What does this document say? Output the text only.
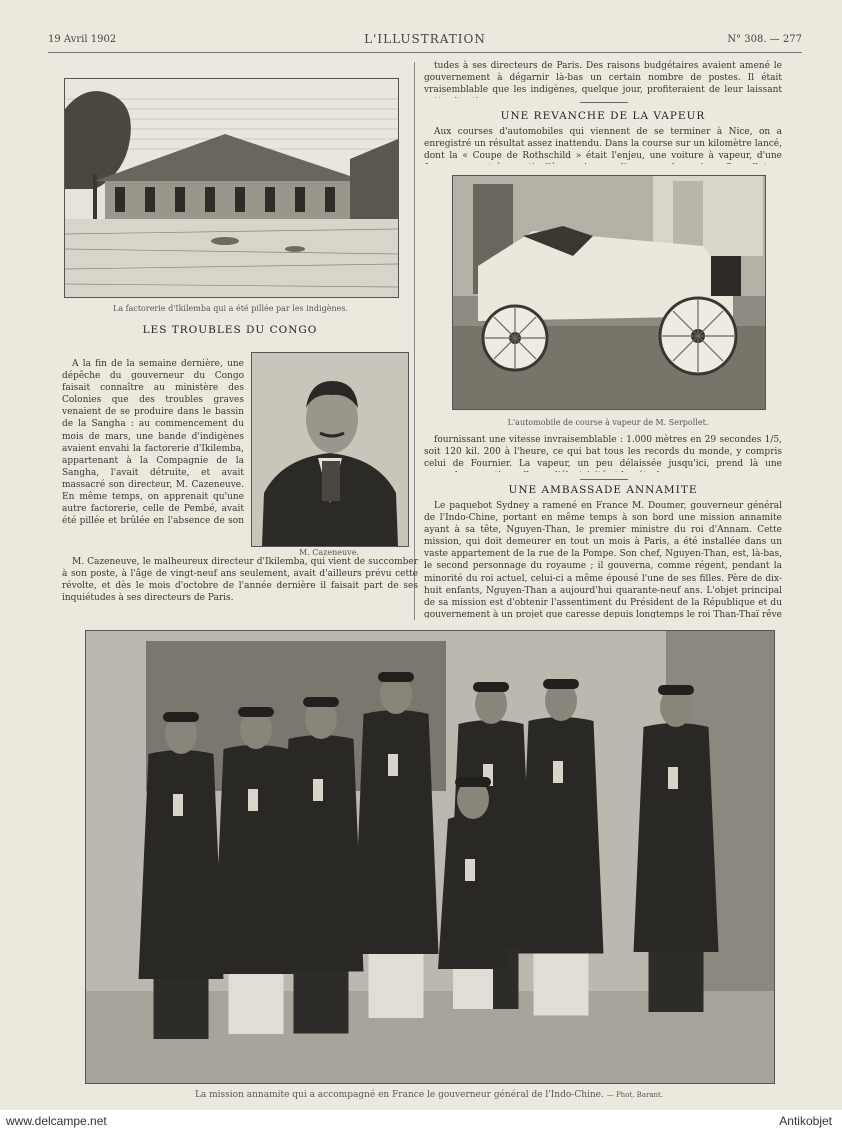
19 Avril 1902	L'ILLUSTRATION	N° 308. — 277
La factorerie d'Ikilemba qui a été pillée par les indigènes.
LES TROUBLES DU CONGO

A la fin de la semaine dernière, une dépêche du gouverneur du Congo faisait connaître au ministère des Colonies que des troubles graves venaient de se produire dans le bassin de la Sangha : au commencement du mois de mars, une bande d'indigènes avaient envahi la factorerie d'Ikilemba, appartenant à la Compagnie de la Sangha, l'avait détruite, et avait massacré son directeur, M. Cazeneuve. En même temps, on apprenait qu'une autre factorerie, celle de Pembé, avait été pillée et brûlée en l'absence de son

M. Cazeneuve, le malheureux directeur d'Ikilemba, qui vient de succomber à son poste, à l'âge de vingt-neuf ans seulement, avait d'ailleurs prévu cette révolte, et dès le mois d'octobre de l'année dernière il faisait part de ses inquiétudes à ses directeurs de Paris.

M. Cazeneuve.

tudes à ses directeurs de Paris. Des raisons budgétaires avaient amené le gouvernement à dégarnir là-bas un certain nombre de postes. Il était vraisemblable que les indigènes, quelque jour, profiteraient de leur laissant

UNE REVANCHE DE LA VAPEUR

Aux courses d'automobiles qui viennent de se terminer à Nice, on a enregistré un résultat assez inattendu. Dans la course sur un kilomètre lancé, dont la « Coupe de Rothschild » était l'enjeu, une voiture à vapeur, d'une

L'automobile de course à vapeur de M. Serpollet.

fournissant une vitesse invraisemblable : 1.000 mètres en 29 secondes 1/5, soit 120 kil. 200 à l'heure, ce qui bat tous les records du monde, y compris celui de Fournier. La vapeur, un peu délaissée jusqu'ici, prend là une

UNE AMBASSADE ANNAMITE

Le paquebot Sydney a ramené en France M. Doumer, gouverneur général de l'Indo-Chine, portant en même temps à son bord une mission annamite ayant à sa tête, Nguyen-Than, le premier ministre du roi d'Annam. Cette mission, qui doit demeurer en tout un mois à Paris, a été installée dans un vaste appartement de la rue de la Pompe. Son chef, Nguyen-Than, est, là-bas, le second personnage du royaume ; il gouverna, comme régent, pendant la minorité du roi actuel, celui-ci a même épousé l'une de ses filles. Père de dix-huit enfants, Nguyen-Than a aujourd'hui quarante-neuf ans. L'objet principal de sa mission est d'obtenir l'assentiment du Président de la République et du gouvernement à un projet que caresse depuis longtemps le roi Than-Thaï rêve

La mission annamite qui a accompagné en France le gouverneur général de l'Indo-Chine. — Phot. Barant.
www.delcampe.net	Antikobjet
